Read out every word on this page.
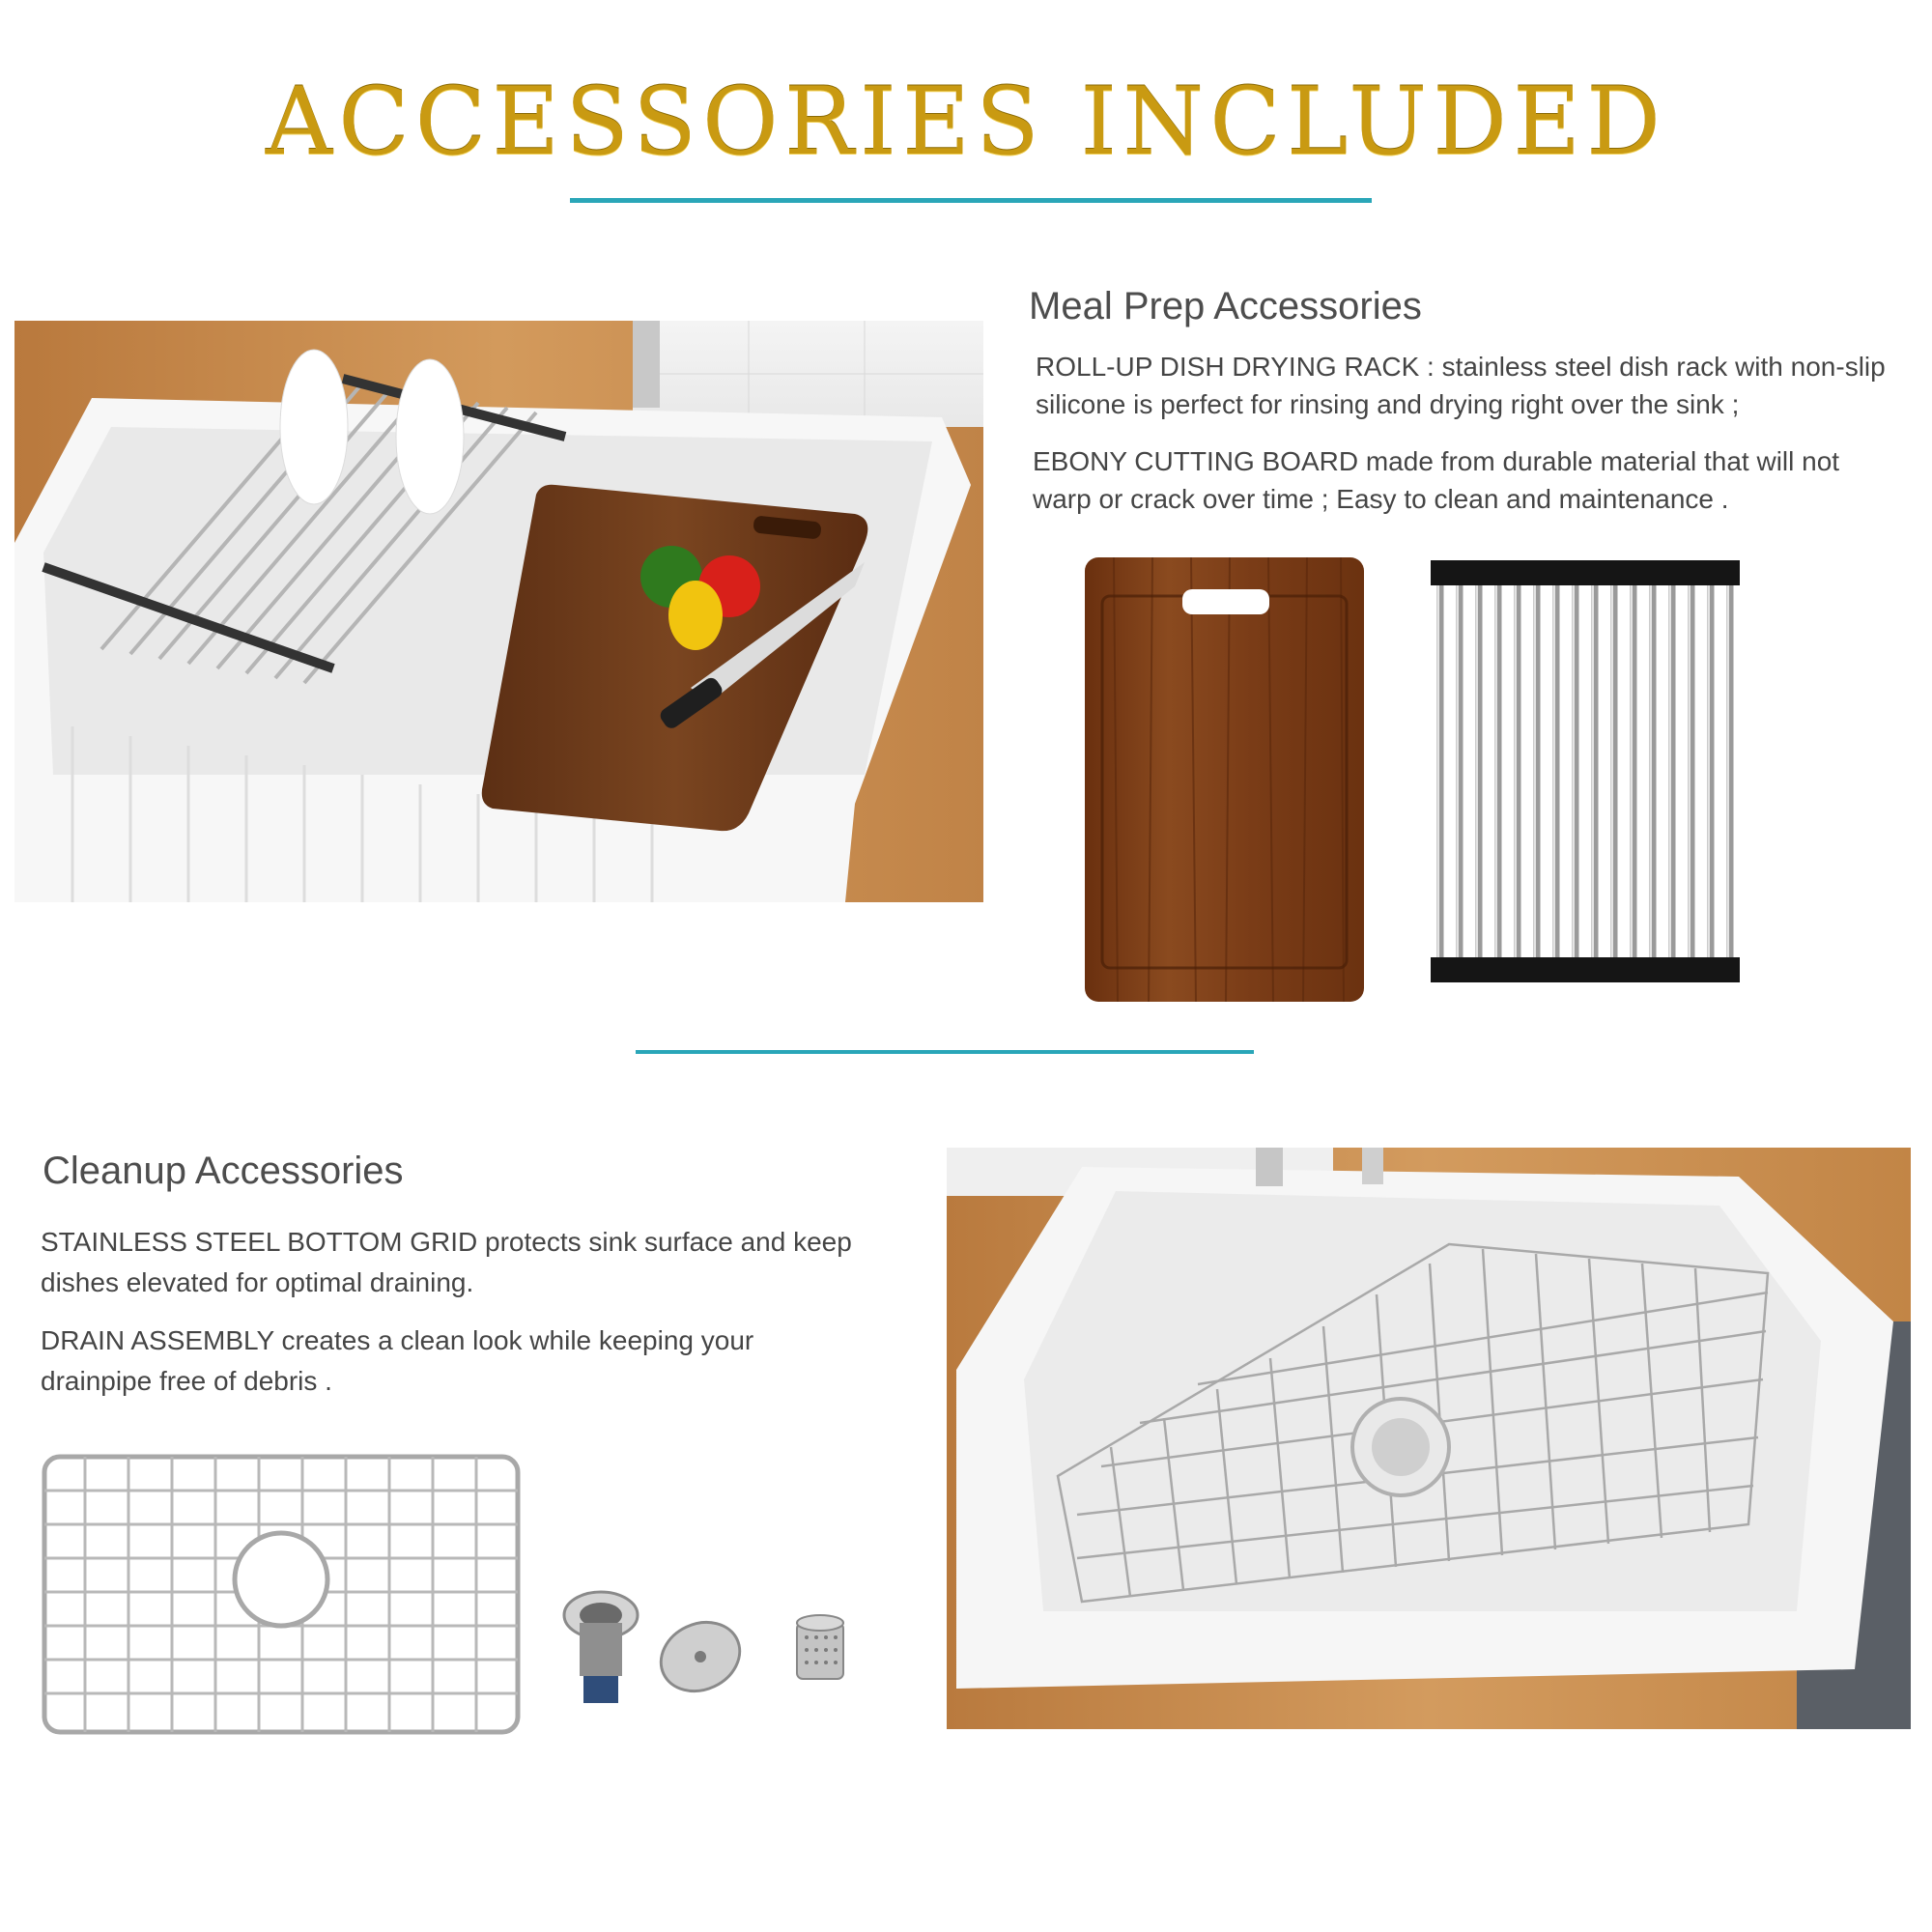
ACCESSORIES INCLUDED
Meal Prep Accessories
ROLL-UP DISH DRYING RACK : stainless steel dish rack with non-slip silicone is perfect for rinsing and drying right over the sink ;
EBONY CUTTING BOARD made from durable material that will not warp or crack over time ; Easy to clean and maintenance .
Cleanup Accessories
STAINLESS STEEL BOTTOM GRID protects sink surface and keep dishes elevated for optimal draining.
DRAIN ASSEMBLY creates a clean look while keeping your drainpipe free of debris .
